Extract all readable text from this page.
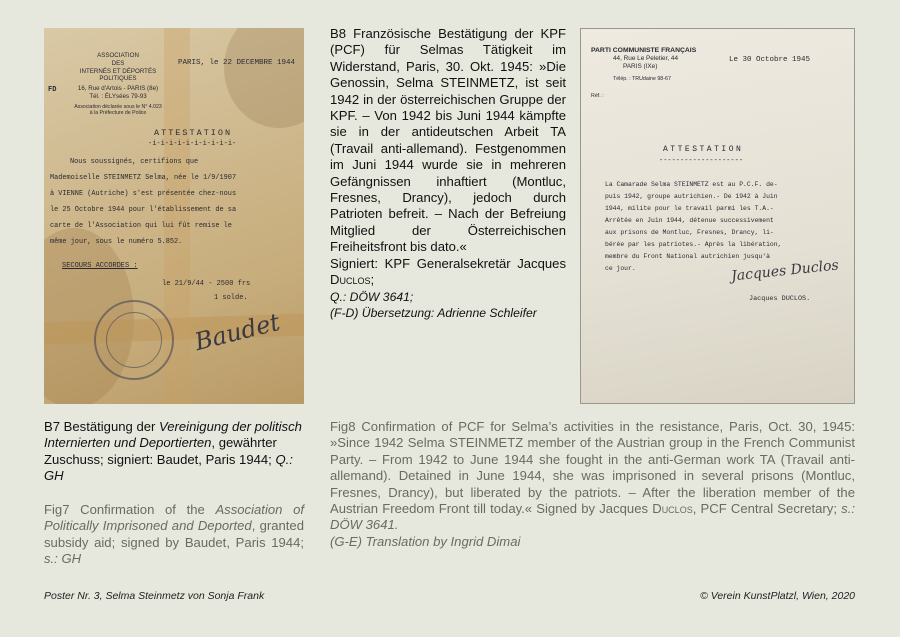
ASSOCIATION
DES
INTERNÉS ET DÉPORTÉS
POLITIQUES
16, Rue d'Artois - PARIS (8e)
Tél. : ÉLYsées 79-93
Association déclarée sous le N° 4.023
à la Préfecture de Police
FD
PARIS, le 22 DECEMBRE 1944
ATTESTATION
-i-i-i-i-i-i-i-i-i-i-
Nous soussignés, certifions que
Mademoiselle STEINMETZ Selma, née le 1/9/1907
à VIENNE (Autriche) s'est présentée chez-nous
le 25 Octobre 1944 pour l'établissement de sa
carte de l'Association qui lui fût remise le
même jour, sous le numéro 5.852.
SECOURS ACCORDES :
le 21/9/44 - 2500 frs
1 solde.
Baudet
B8 Französische Bestätigung der KPF (PCF) für Selmas Tätigkeit im Widerstand, Paris, 30. Okt. 1945: »Die Genossin, Selma STEINMETZ, ist seit 1942 in der österreichischen Gruppe der KPF. – Von 1942 bis Juni 1944 kämpfte sie in der antideutschen Arbeit TA (Travail anti-allemand). Festgenommen im Juni 1944 wurde sie in mehreren Gefängnissen inhaftiert (Montluc, Fresnes, Drancy), jedoch durch Patrioten befreit. – Nach der Befreiung Mitglied der Österreichischen Freiheitsfront bis dato.«
Signiert: KPF Generalsekretär Jacques Duclos;
Q.: DÖW 3641;
(F-D) Übersetzung: Adrienne Schleifer
PARTI COMMUNISTE FRANÇAIS
44, Rue Le Peletier, 44
PARIS (IXe)
Télép. : TRUdaine 98-67
Réf. :
Le 30 Octobre 1945
ATTESTATION
--------------------
La Camarade Selma STEINMETZ est au P.C.F. de-
puis 1942, groupe autrichien.- De 1942 à Juin
1944, milite pour le travail parmi les T.A.-
Arrêtée en Juin 1944, détenue successivement
aux prisons de Montluc, Fresnes, Drancy, li-
bérée par les patriotes.- Après la libération,
membre du Front National autrichien jusqu'à
ce jour.	Jacques Duclos
Jacques DUCLOS.
B7 Bestätigung der Vereinigung der politisch Internierten und Deportierten, gewährter Zuschuss; signiert: Baudet, Paris 1944; Q.: GH
Fig7 Confirmation of the Association of Politically Imprisoned and Deported, granted subsidy aid; signed by Baudet, Paris 1944; s.: GH
Fig8 Confirmation of PCF for Selma’s activities in the resistance, Paris, Oct. 30, 1945: »Since 1942 Selma STEINMETZ member of the Austrian group in the French Communist Party. – From 1942 to June 1944 she fought in the anti-German work TA (Travail anti-allemand). Detained in June 1944, she was imprisoned in several prisons (Montluc, Fresnes, Drancy), but liberated by the patriots. – After the liberation member of the Austrian Freedom Front till today.« Signed by Jacques Duclos, PCF Central Secretary; s.: DÖW 3641.
(G-E) Translation by Ingrid Dimai
Poster Nr. 3, Selma Steinmetz von Sonja Frank	© Verein KunstPlatzl, Wien, 2020
